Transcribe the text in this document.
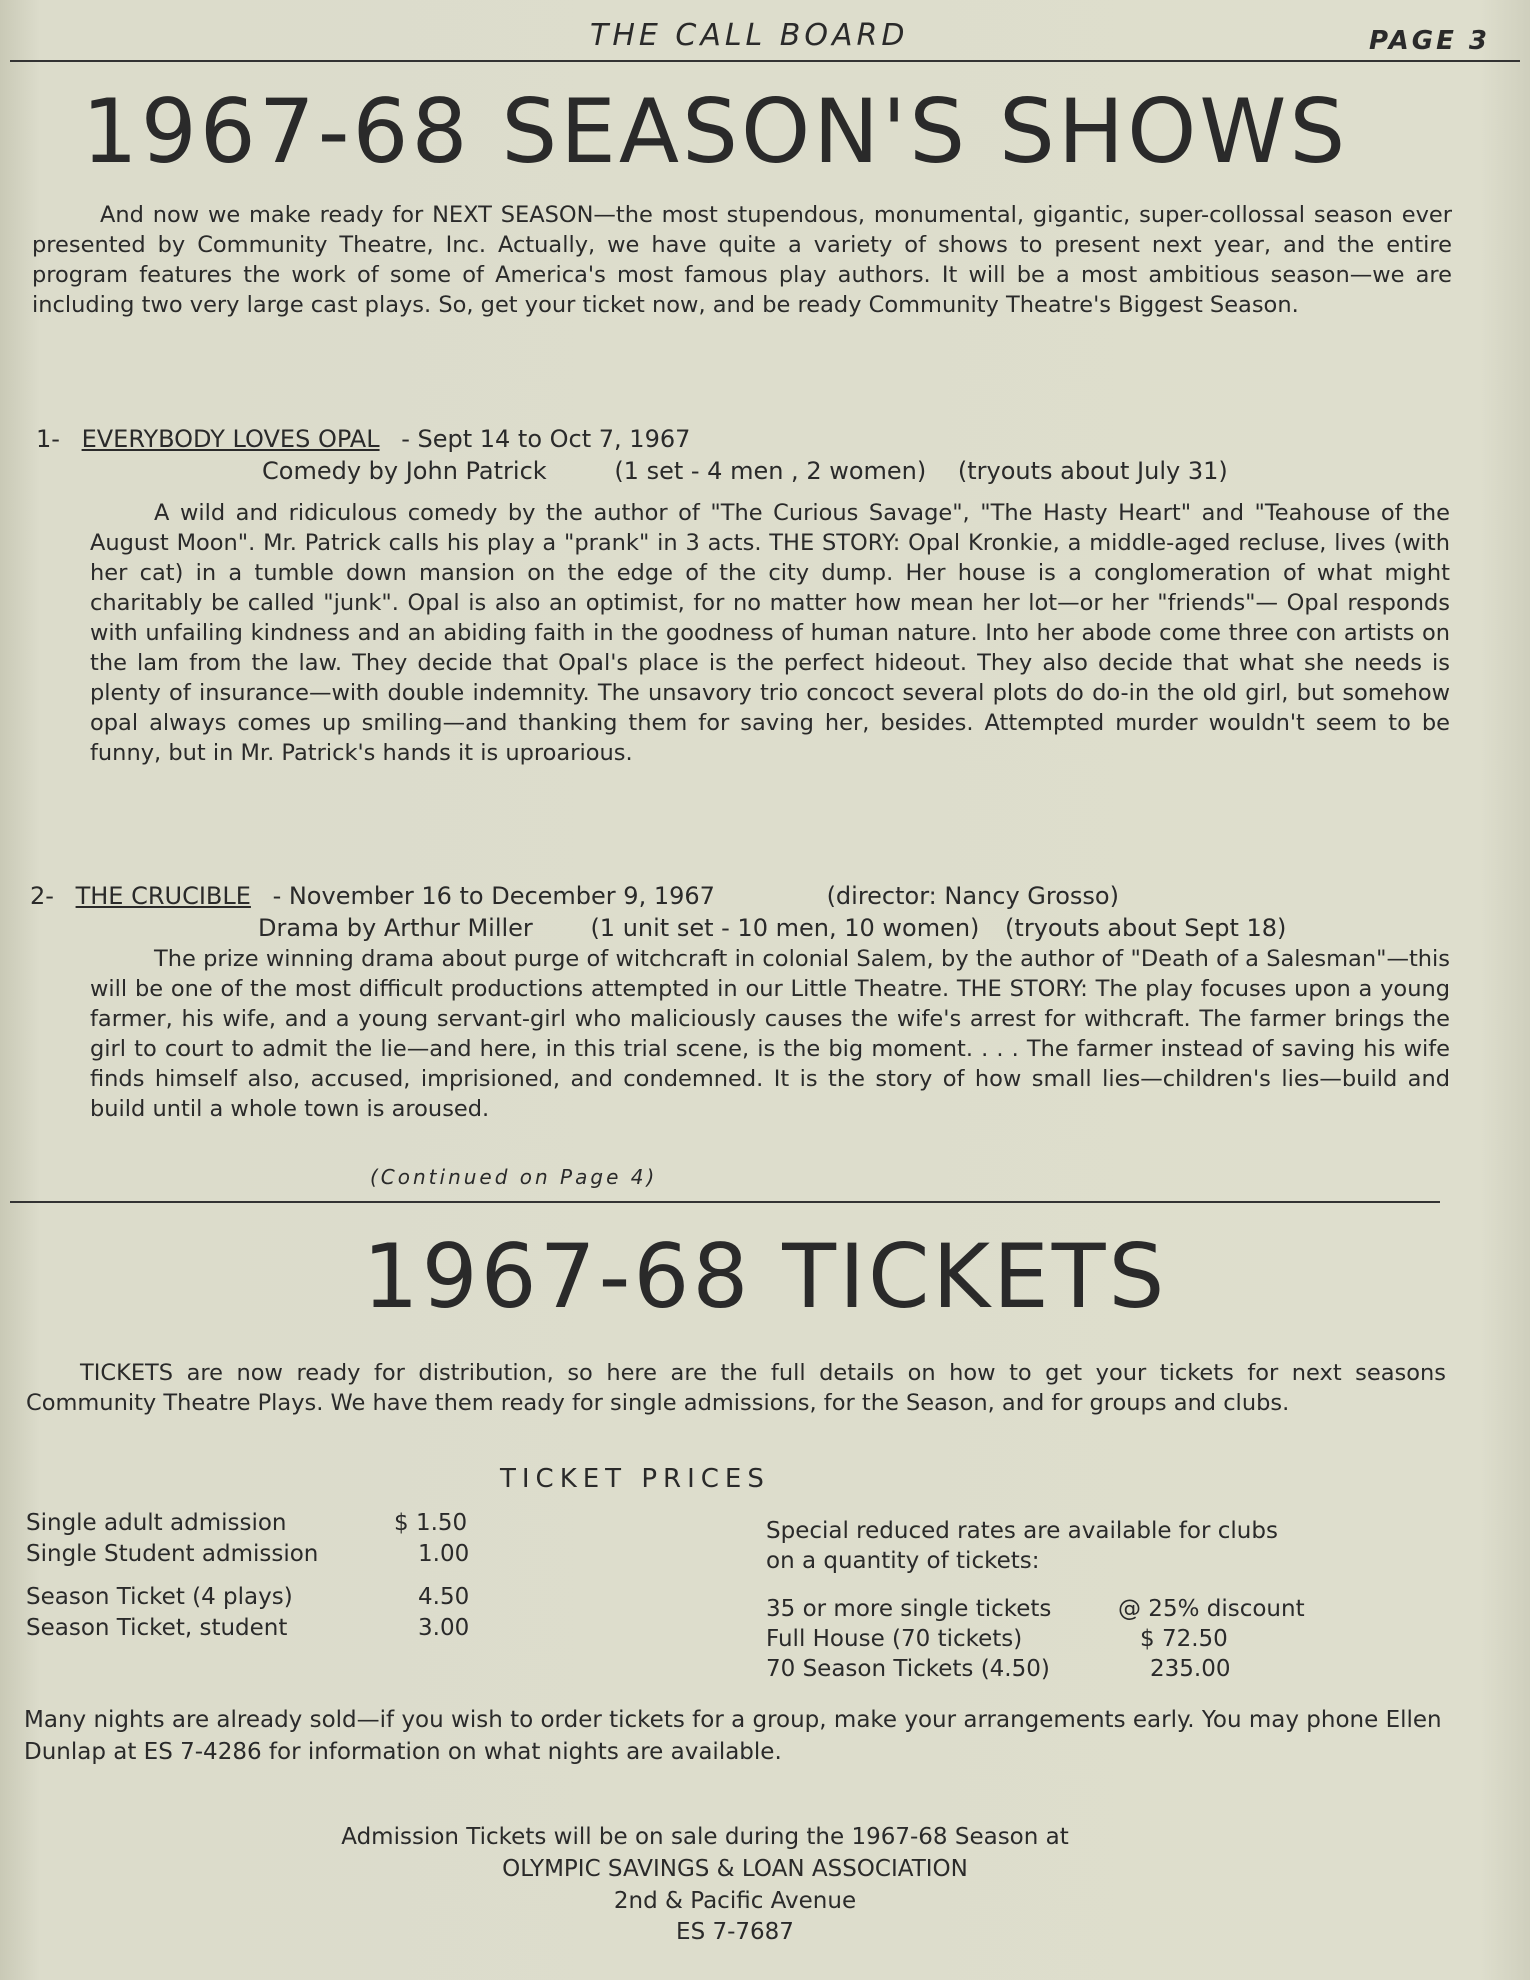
THE CALL BOARD	PAGE 3
1967-68 SEASON'S SHOWS
And now we make ready for NEXT SEASON—the most stupendous, monumental, gigantic, super-collossal season ever presented by Community Theatre, Inc. Actually, we have quite a variety of shows to present next year, and the entire program features the work of some of America's most famous play authors. It will be a most ambitious season—we are including two very large cast plays. So, get your ticket now, and be ready Community Theatre's Biggest Season.
1- EVERYBODY LOVES OPAL - Sept 14 to Oct 7, 1967
Comedy by John Patrick	(1 set - 4 men , 2 women) (tryouts about July 31)
A wild and ridiculous comedy by the author of "The Curious Savage", "The Hasty Heart" and "Teahouse of the August Moon". Mr. Patrick calls his play a "prank" in 3 acts. THE STORY: Opal Kronkie, a middle-aged recluse, lives (with her cat) in a tumble down mansion on the edge of the city dump. Her house is a conglomeration of what might charitably be called "junk". Opal is also an optimist, for no matter how mean her lot—or her "friends"— Opal responds with unfailing kindness and an abiding faith in the goodness of human nature. Into her abode come three con artists on the lam from the law. They decide that Opal's place is the perfect hideout. They also decide that what she needs is plenty of insurance—with double indemnity. The unsavory trio concoct several plots do do-in the old girl, but somehow opal always comes up smiling—and thanking them for saving her, besides. Attempted murder wouldn't seem to be funny, but in Mr. Patrick's hands it is uproarious.
2- THE CRUCIBLE - November 16 to December 9, 1967	(director: Nancy Grosso)
Drama by Arthur Miller (1 unit set - 10 men, 10 women) (tryouts about Sept 18)
The prize winning drama about purge of witchcraft in colonial Salem, by the author of "Death of a Salesman"—this will be one of the most difficult productions attempted in our Little Theatre. THE STORY: The play focuses upon a young farmer, his wife, and a young servant-girl who maliciously causes the wife's arrest for withcraft. The farmer brings the girl to court to admit the lie—and here, in this trial scene, is the big moment. . . . The farmer instead of saving his wife finds himself also, accused, imprisioned, and condemned. It is the story of how small lies—children's lies—build and build until a whole town is aroused.
(Continued on Page 4)
1967-68 TICKETS
TICKETS are now ready for distribution, so here are the full details on how to get your tickets for next seasons Community Theatre Plays. We have them ready for single admissions, for the Season, and for groups and clubs.
TICKET PRICES
Single adult admission	$ 1.50
Single Student admission	1.00
Season Ticket (4 plays)	4.50
Season Ticket, student	3.00
Special reduced rates are available for clubs
on a quantity of tickets:
35 or more single tickets	@ 25% discount
Full House (70 tickets)	$ 72.50
70 Season Tickets (4.50)	235.00
Many nights are already sold—if you wish to order tickets for a group, make your arrangements early. You may phone Ellen Dunlap at ES 7-4286 for information on what nights are available.
Admission Tickets will be on sale during the 1967-68 Season at
OLYMPIC SAVINGS & LOAN ASSOCIATION
2nd & Pacific Avenue
ES 7-7687
